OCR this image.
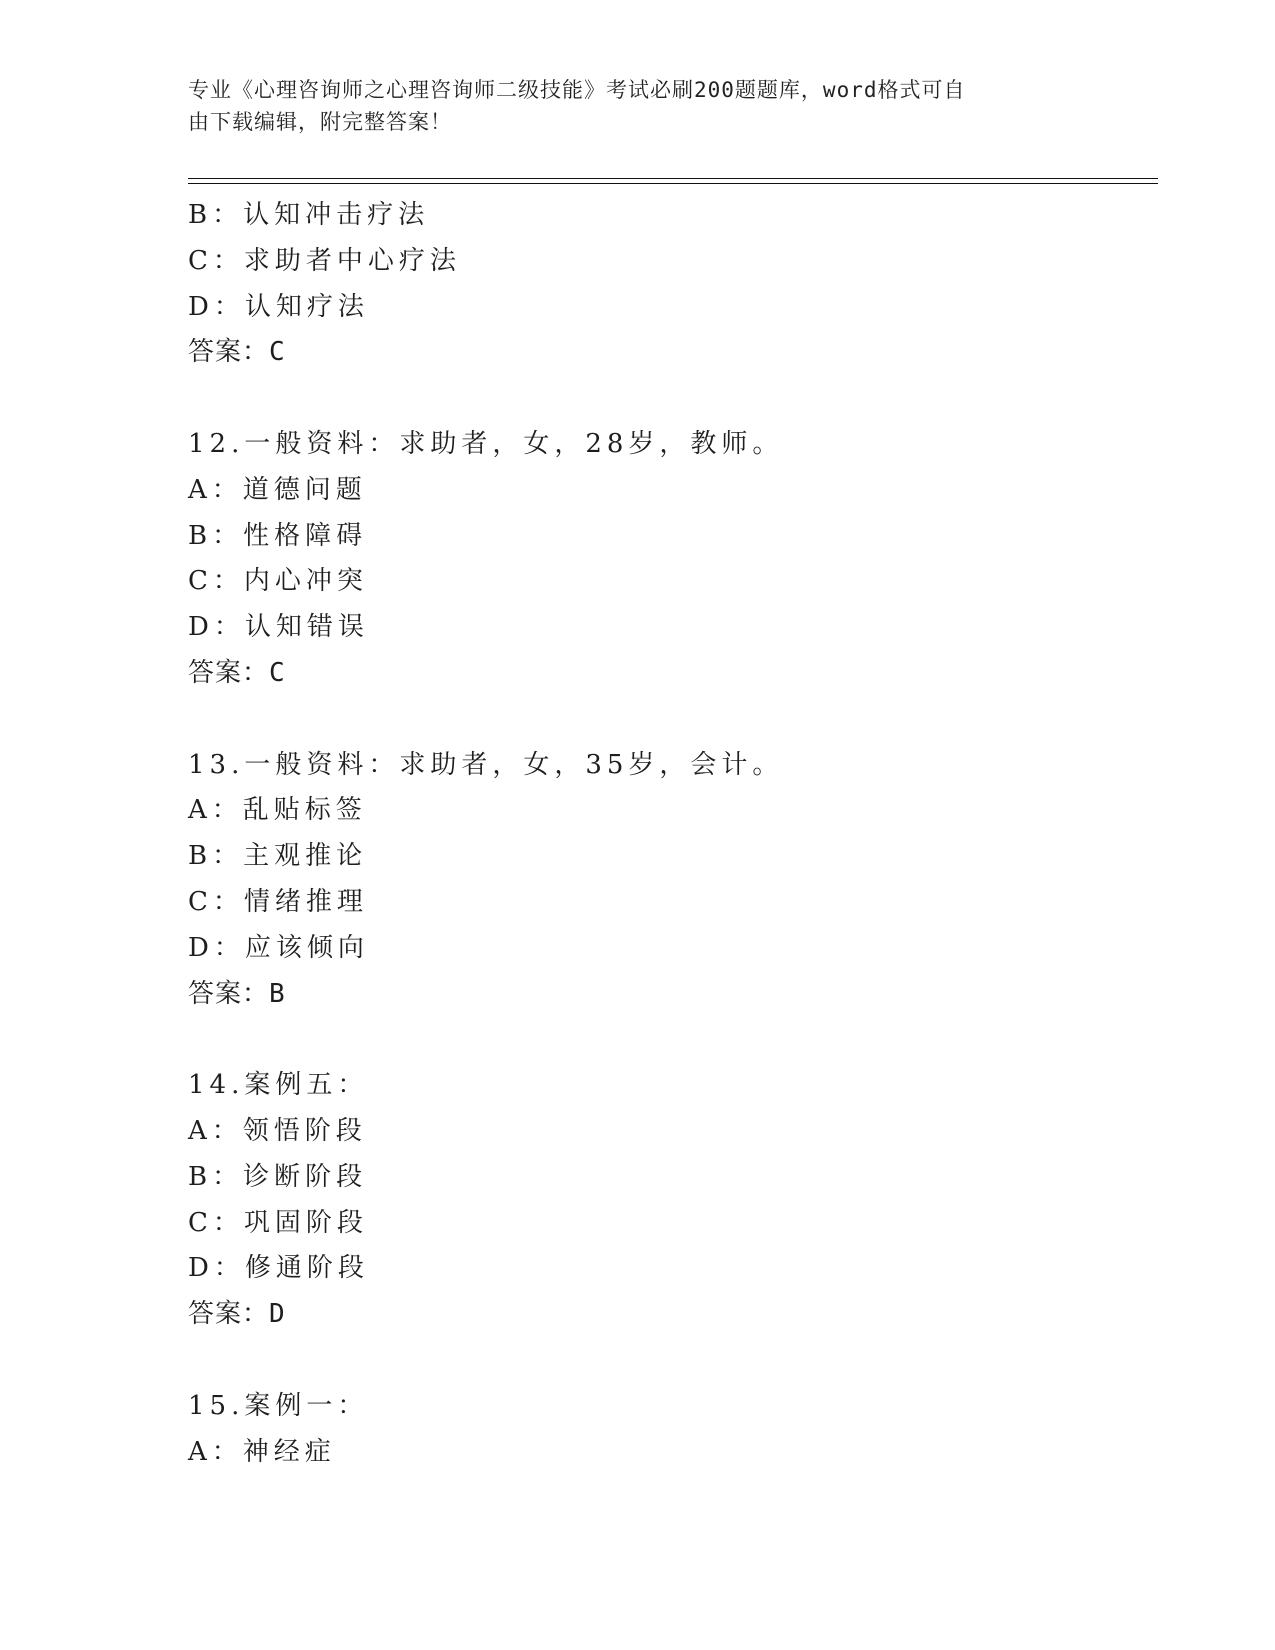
专业《心理咨询师之心理咨询师二级技能》考试必刷200题题库，word格式可自
由下载编辑，附完整答案！
B：认知冲击疗法
C：求助者中心疗法
D：认知疗法
答案：C
12.一般资料：求助者，女，28岁，教师。
A：道德问题
B：性格障碍
C：内心冲突
D：认知错误
答案：C
13.一般资料：求助者，女，35岁，会计。
A：乱贴标签
B：主观推论
C：情绪推理
D：应该倾向
答案：B
14.案例五：
A：领悟阶段
B：诊断阶段
C：巩固阶段
D：修通阶段
答案：D
15.案例一：
A：神经症
